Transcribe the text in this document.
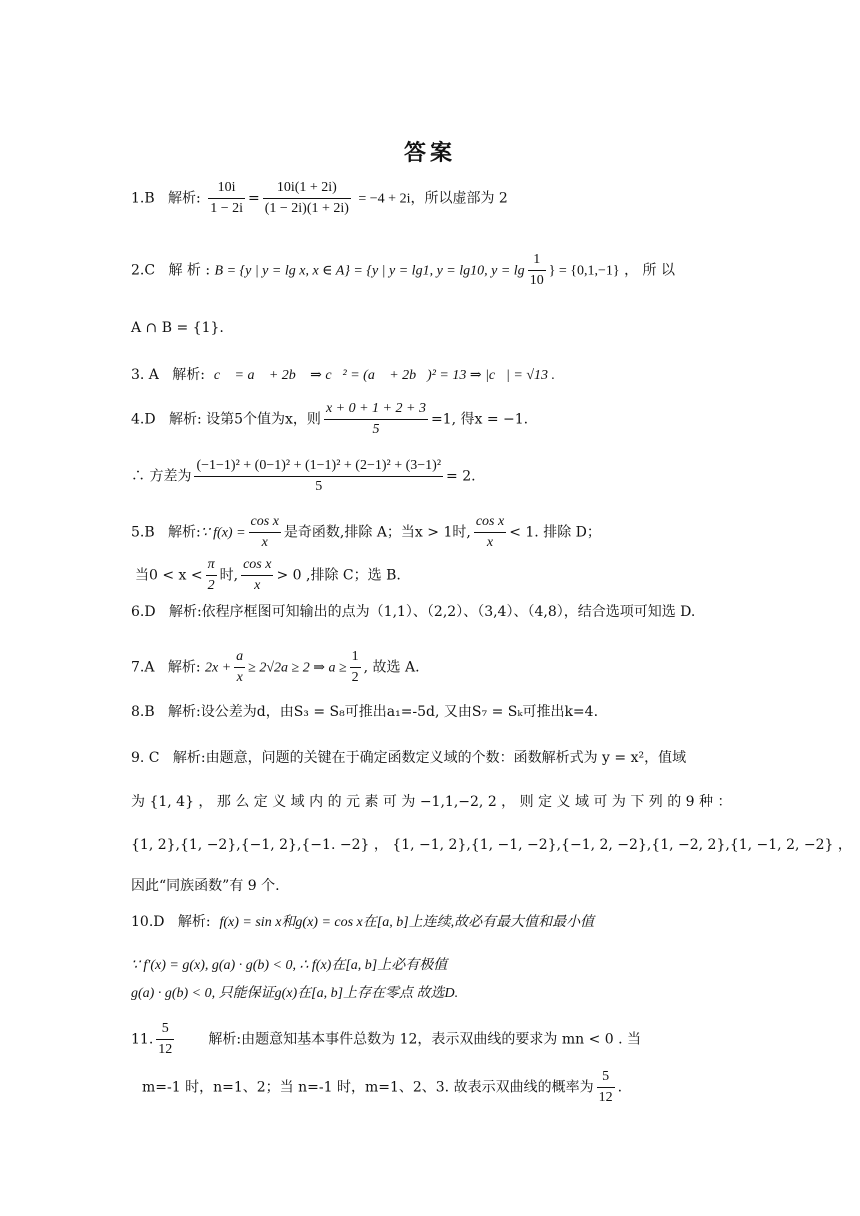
答案
1.B 解析: $\frac{10i}{1 - 2i} = \frac{10i(1 + 2i)}{(1 - 2i)(1 + 2i)} = -4 + 2i$，所以虚部为 2
2.C 解 析 : B = {y | y = lg x, x ∈ A} = {y | y = lg1, y = lg10, $y = \lg \frac{1}{10}$ } = {0,1,−1} ， 所 以
A ∩ B = {1}.
3. A 解析: c⃗ = a⃗ + 2b⃗ ⇒ c⃗² = (a⃗ + 2b⃗)² = 13 ⇒ |c⃗| = √13 .
4.D 解析: 设第5个值为x，则 $\frac{x + 0 + 1 + 2 + 3}{5} =1$, 得x = −1.
∴ 方差为 $\frac{\text{(−1−1)² + (0−1)² + (1−1)² + (2−1)² + (3−1)²}}{5} = 2$.
5.B 解析:∵ $f(x) = \frac{\text{cos x}}{x}$ 是奇函数,排除 A；当x > 1时, $\frac{\text{cos x}}{x} < 1$. 排除 D；
当$0 < x < \frac{\pi}{2}$ 时, $\frac{\text{cos x}}{x} > 0$ ,排除 C；选 B.
6.D 解析:依程序框图可知输出的点为（1,1）、（2,2）、（3,4）、（4,8），结合选项可知选 D.
7.A 解析: $2x + \frac{a}{x} \ge 2√2a \ge 2$ ⇒ $a \ge \frac{1}{2}$ , 故选 A.
8.B 解析:设公差为d，由S₃ = S₈可推出a₁=-5d, 又由S₇ = Sₖ可推出k=4.
9. C 解析:由题意，问题的关键在于确定函数定义域的个数：函数解析式为 y = x²，值域
为 {1, 4} ， 那 么 定 义 域 内 的 元 素 可 为 −1,1,−2, 2 ， 则 定 义 域 可 为 下 列 的 9 种 ：
{1, 2},{1, −2},{−1, 2},{−1. −2} ， {1, −1, 2},{1, −1, −2},{−1, 2, −2},{1, −2, 2},{1, −1, 2, −2} ，
因此“同族函数”有 9 个.
10.D 解析: f(x) = sin x和g(x) = cos x在[a, b]上连续,故必有最大值和最小值
∵ f′(x) = g(x), g(a) · g(b) < 0, ∴ f(x)在[a, b]上必有极值
g(a) · g(b) < 0, 只能保证g(x)在[a, b]上存在零点 故选D.
11. $\frac{5}{12}$ 解析:由题意知基本事件总数为 12，表示双曲线的要求为 mn < 0 . 当
m=-1 时，n=1、2；当 n=-1 时，m=1、2、3. 故表示双曲线的概率为 $\frac{5}{12}$ .
